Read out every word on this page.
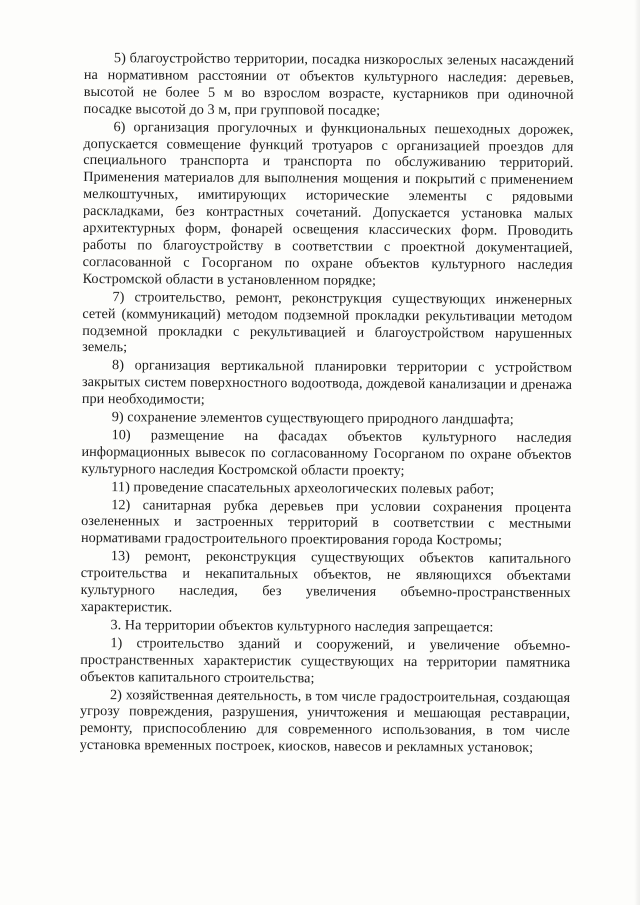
5) благоустройство территории, посадка низкорослых зеленых насаждений на нормативном расстоянии от объектов культурного наследия: деревьев, высотой не более 5 м во взрослом возрасте, кустарников при одиночной посадке высотой до 3 м, при групповой посадке;

6) организация прогулочных и функциональных пешеходных дорожек, допускается совмещение функций тротуаров с организацией проездов для специального транспорта и транспорта по обслуживанию территорий. Применения материалов для выполнения мощения и покрытий с применением мелкоштучных, имитирующих исторические элементы с рядовыми раскладками, без контрастных сочетаний. Допускается установка малых архитектурных форм, фонарей освещения классических форм. Проводить работы по благоустройству в соответствии с проектной документацией, согласованной с Госорганом по охране объектов культурного наследия Костромской области в установленном порядке;

7) строительство, ремонт, реконструкция существующих инженерных сетей (коммуникаций) методом подземной прокладки рекультивации методом подземной прокладки с рекультивацией и благоустройством нарушенных земель;

8) организация вертикальной планировки территории с устройством закрытых систем поверхностного водоотвода, дождевой канализации и дренажа при необходимости;

9) сохранение элементов существующего природного ландшафта;

10) размещение на фасадах объектов культурного наследия информационных вывесок по согласованному Госорганом по охране объектов культурного наследия Костромской области проекту;

11) проведение спасательных археологических полевых работ;

12) санитарная рубка деревьев при условии сохранения процента озелененных и застроенных территорий в соответствии с местными нормативами градостроительного проектирования города Костромы;

13) ремонт, реконструкция существующих объектов капитального строительства и некапитальных объектов, не являющихся объектами культурного наследия, без увеличения объемно-пространственных характеристик.

3. На территории объектов культурного наследия запрещается:

1) строительство зданий и сооружений, и увеличение объемно-пространственных характеристик существующих на территории памятника объектов капитального строительства;

2) хозяйственная деятельность, в том числе градостроительная, создающая угрозу повреждения, разрушения, уничтожения и мешающая реставрации, ремонту, приспособлению для современного использования, в том числе установка временных построек, киосков, навесов и рекламных установок;
